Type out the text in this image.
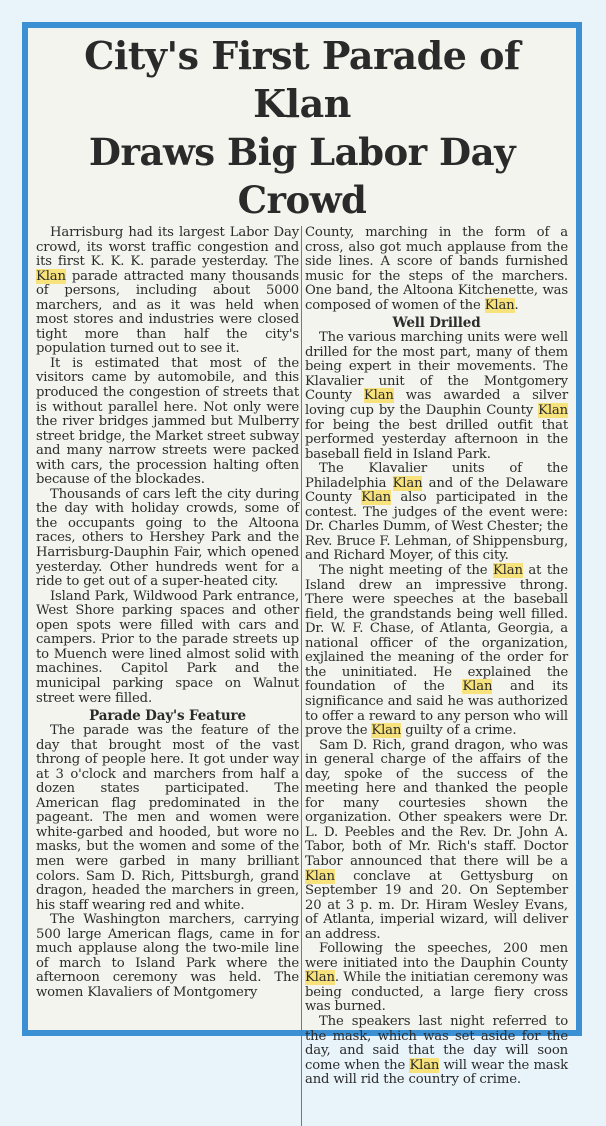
City's First Parade of Klan
Draws Big Labor Day Crowd

Harrisburg had its largest Labor Day crowd, its worst traffic congestion and its first K. K. K. parade yesterday. The Klan parade attracted many thousands of persons, including about 5000 marchers, and as it was held when most stores and industries were closed tight more than half the city's population turned out to see it.

It is estimated that most of the visitors came by automobile, and this produced the congestion of streets that is without parallel here. Not only were the river bridges jammed but Mulberry street bridge, the Market street subway and many narrow streets were packed with cars, the procession halting often because of the blockades.

Thousands of cars left the city during the day with holiday crowds, some of the occupants going to the Altoona races, others to Hershey Park and the Harrisburg-Dauphin Fair, which opened yesterday. Other hundreds went for a ride to get out of a super-heated city.

Island Park, Wildwood Park entrance, West Shore parking spaces and other open spots were filled with cars and campers. Prior to the parade streets up to Muench were lined almost solid with machines. Capitol Park and the municipal parking space on Walnut street were filled.

Parade Day's Feature

The parade was the feature of the day that brought most of the vast throng of people here. It got under way at 3 o'clock and marchers from half a dozen states participated. The American flag predominated in the pageant. The men and women were white-garbed and hooded, but wore no masks, but the women and some of the men were garbed in many brilliant colors. Sam D. Rich, Pittsburgh, grand dragon, headed the marchers in green, his staff wearing red and white.

The Washington marchers, carrying 500 large American flags, came in for much applause along the two-mile line of march to Island Park where the afternoon ceremony was held. The women Klavaliers of Montgomery

County, marching in the form of a cross, also got much applause from the side lines. A score of bands furnished music for the steps of the marchers. One band, the Altoona Kitchenette, was composed of women of the Klan.

Well Drilled

The various marching units were well drilled for the most part, many of them being expert in their movements. The Klavalier unit of the Montgomery County Klan was awarded a silver loving cup by the Dauphin County Klan for being the best drilled outfit that performed yesterday afternoon in the baseball field in Island Park.

The Klavalier units of the Philadelphia Klan and of the Delaware County Klan also participated in the contest. The judges of the event were: Dr. Charles Dumm, of West Chester; the Rev. Bruce F. Lehman, of Shippensburg, and Richard Moyer, of this city.

The night meeting of the Klan at the Island drew an impressive throng. There were speeches at the baseball field, the grandstands being well filled. Dr. W. F. Chase, of Atlanta, Georgia, a national officer of the organization, exjlained the meaning of the order for the uninitiated. He explained the foundation of the Klan and its significance and said he was authorized to offer a reward to any person who will prove the Klan guilty of a crime.

Sam D. Rich, grand dragon, who was in general charge of the affairs of the day, spoke of the success of the meeting here and thanked the people for many courtesies shown the organization. Other speakers were Dr. L. D. Peebles and the Rev. Dr. John A. Tabor, both of Mr. Rich's staff. Doctor Tabor announced that there will be a Klan conclave at Gettysburg on September 19 and 20. On September 20 at 3 p. m. Dr. Hiram Wesley Evans, of Atlanta, imperial wizard, will deliver an address.

Following the speeches, 200 men were initiated into the Dauphin County Klan. While the initiatian ceremony was being conducted, a large fiery cross was burned.

The speakers last night referred to the mask, which was set aside for the day, and said that the day will soon come when the Klan will wear the mask and will rid the country of crime.
